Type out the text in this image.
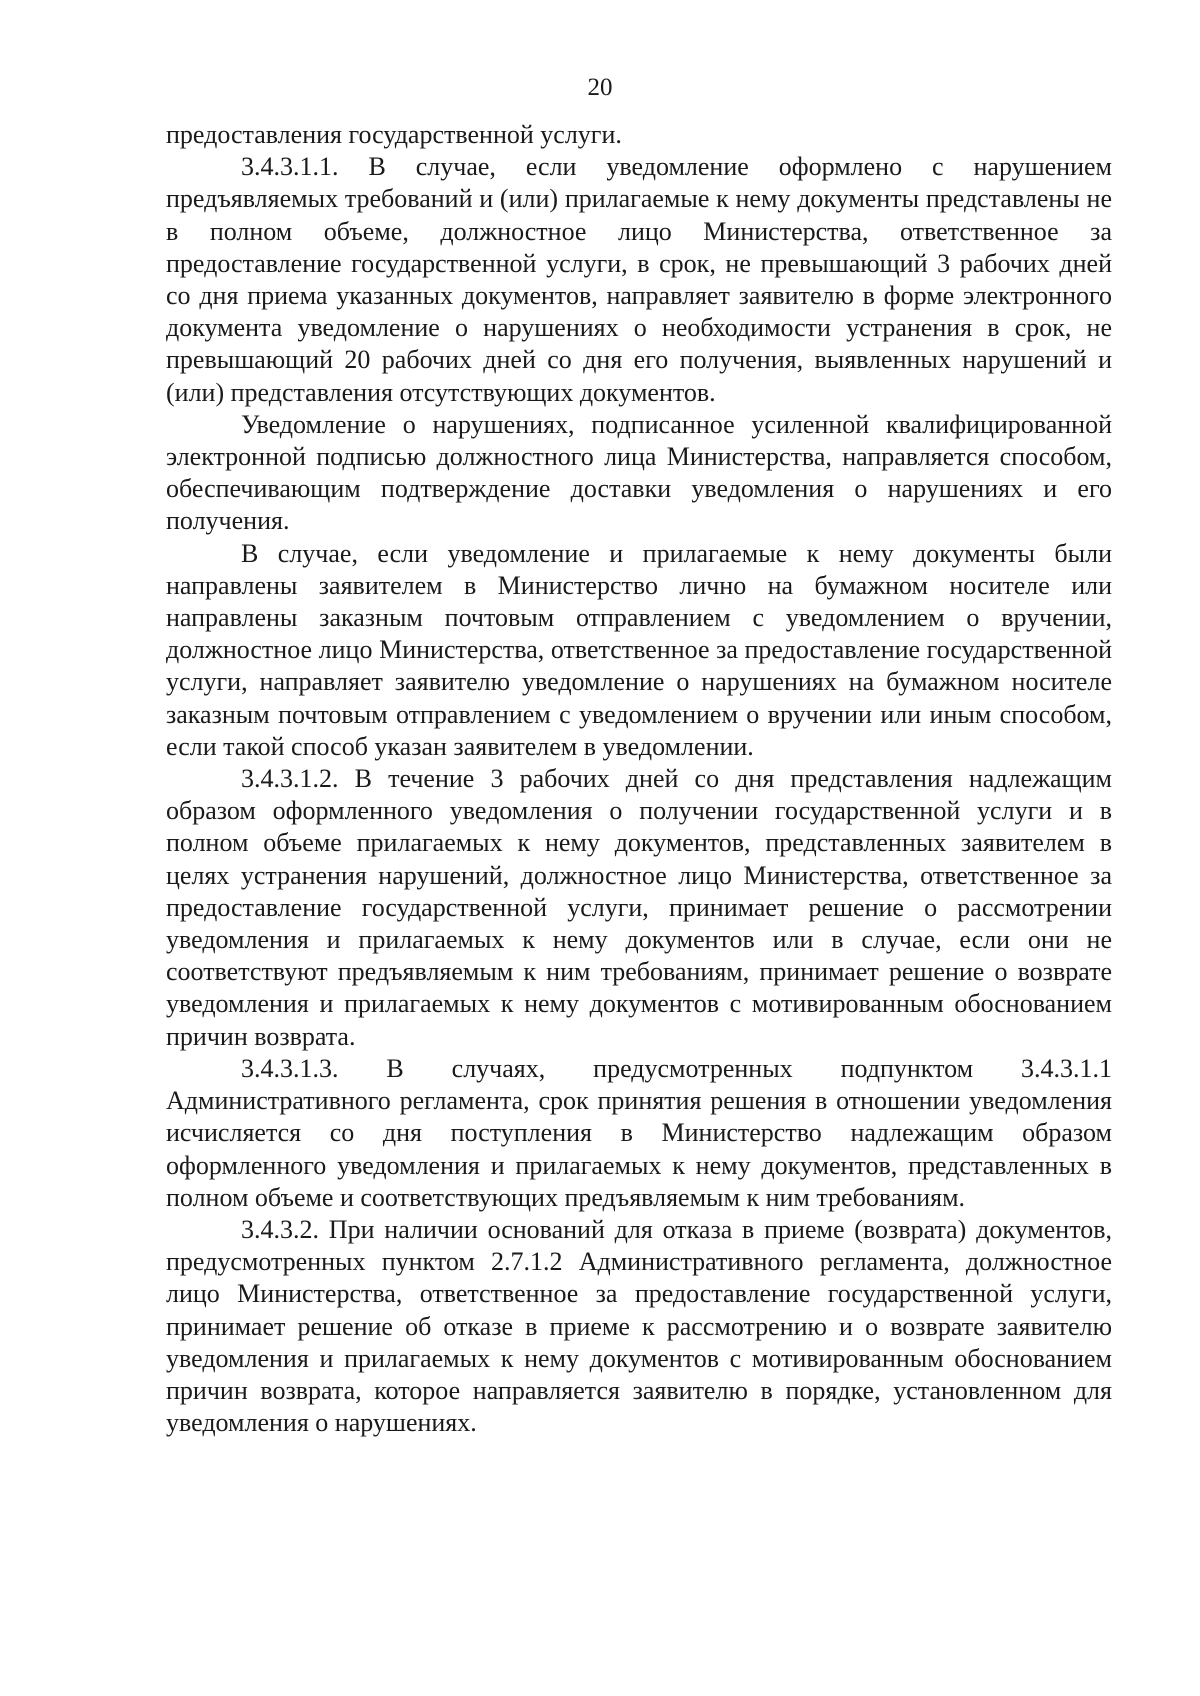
20

предоставления государственной услуги.

3.4.3.1.1. В случае, если уведомление оформлено с нарушением предъявляемых требований и (или) прилагаемые к нему документы представлены не в полном объеме, должностное лицо Министерства, ответственное за предоставление государственной услуги, в срок, не превышающий 3 рабочих дней со дня приема указанных документов, направляет заявителю в форме электронного документа уведомление о нарушениях о необходимости устранения в срок, не превышающий 20 рабочих дней со дня его получения, выявленных нарушений и (или) представления отсутствующих документов.

Уведомление о нарушениях, подписанное усиленной квалифицированной электронной подписью должностного лица Министерства, направляется способом, обеспечивающим подтверждение доставки уведомления о нарушениях и его получения.

В случае, если уведомление и прилагаемые к нему документы были направлены заявителем в Министерство лично на бумажном носителе или направлены заказным почтовым отправлением с уведомлением о вручении, должностное лицо Министерства, ответственное за предоставление государственной услуги, направляет заявителю уведомление о нарушениях на бумажном носителе заказным почтовым отправлением с уведомлением о вручении или иным способом, если такой способ указан заявителем в уведомлении.

3.4.3.1.2. В течение 3 рабочих дней со дня представления надлежащим образом оформленного уведомления о получении государственной услуги и в полном объеме прилагаемых к нему документов, представленных заявителем в целях устранения нарушений, должностное лицо Министерства, ответственное за предоставление государственной услуги, принимает решение о рассмотрении уведомления и прилагаемых к нему документов или в случае, если они не соответствуют предъявляемым к ним требованиям, принимает решение о возврате уведомления и прилагаемых к нему документов с мотивированным обоснованием причин возврата.

3.4.3.1.3. В случаях, предусмотренных подпунктом 3.4.3.1.1 Административного регламента, срок принятия решения в отношении уведомления исчисляется со дня поступления в Министерство надлежащим образом оформленного уведомления и прилагаемых к нему документов, представленных в полном объеме и соответствующих предъявляемым к ним требованиям.

3.4.3.2. При наличии оснований для отказа в приеме (возврата) документов, предусмотренных пунктом 2.7.1.2 Административного регламента, должностное лицо Министерства, ответственное за предоставление государственной услуги, принимает решение об отказе в приеме к рассмотрению и о возврате заявителю уведомления и прилагаемых к нему документов с мотивированным обоснованием причин возврата, которое направляется заявителю в порядке, установленном для уведомления о нарушениях.
